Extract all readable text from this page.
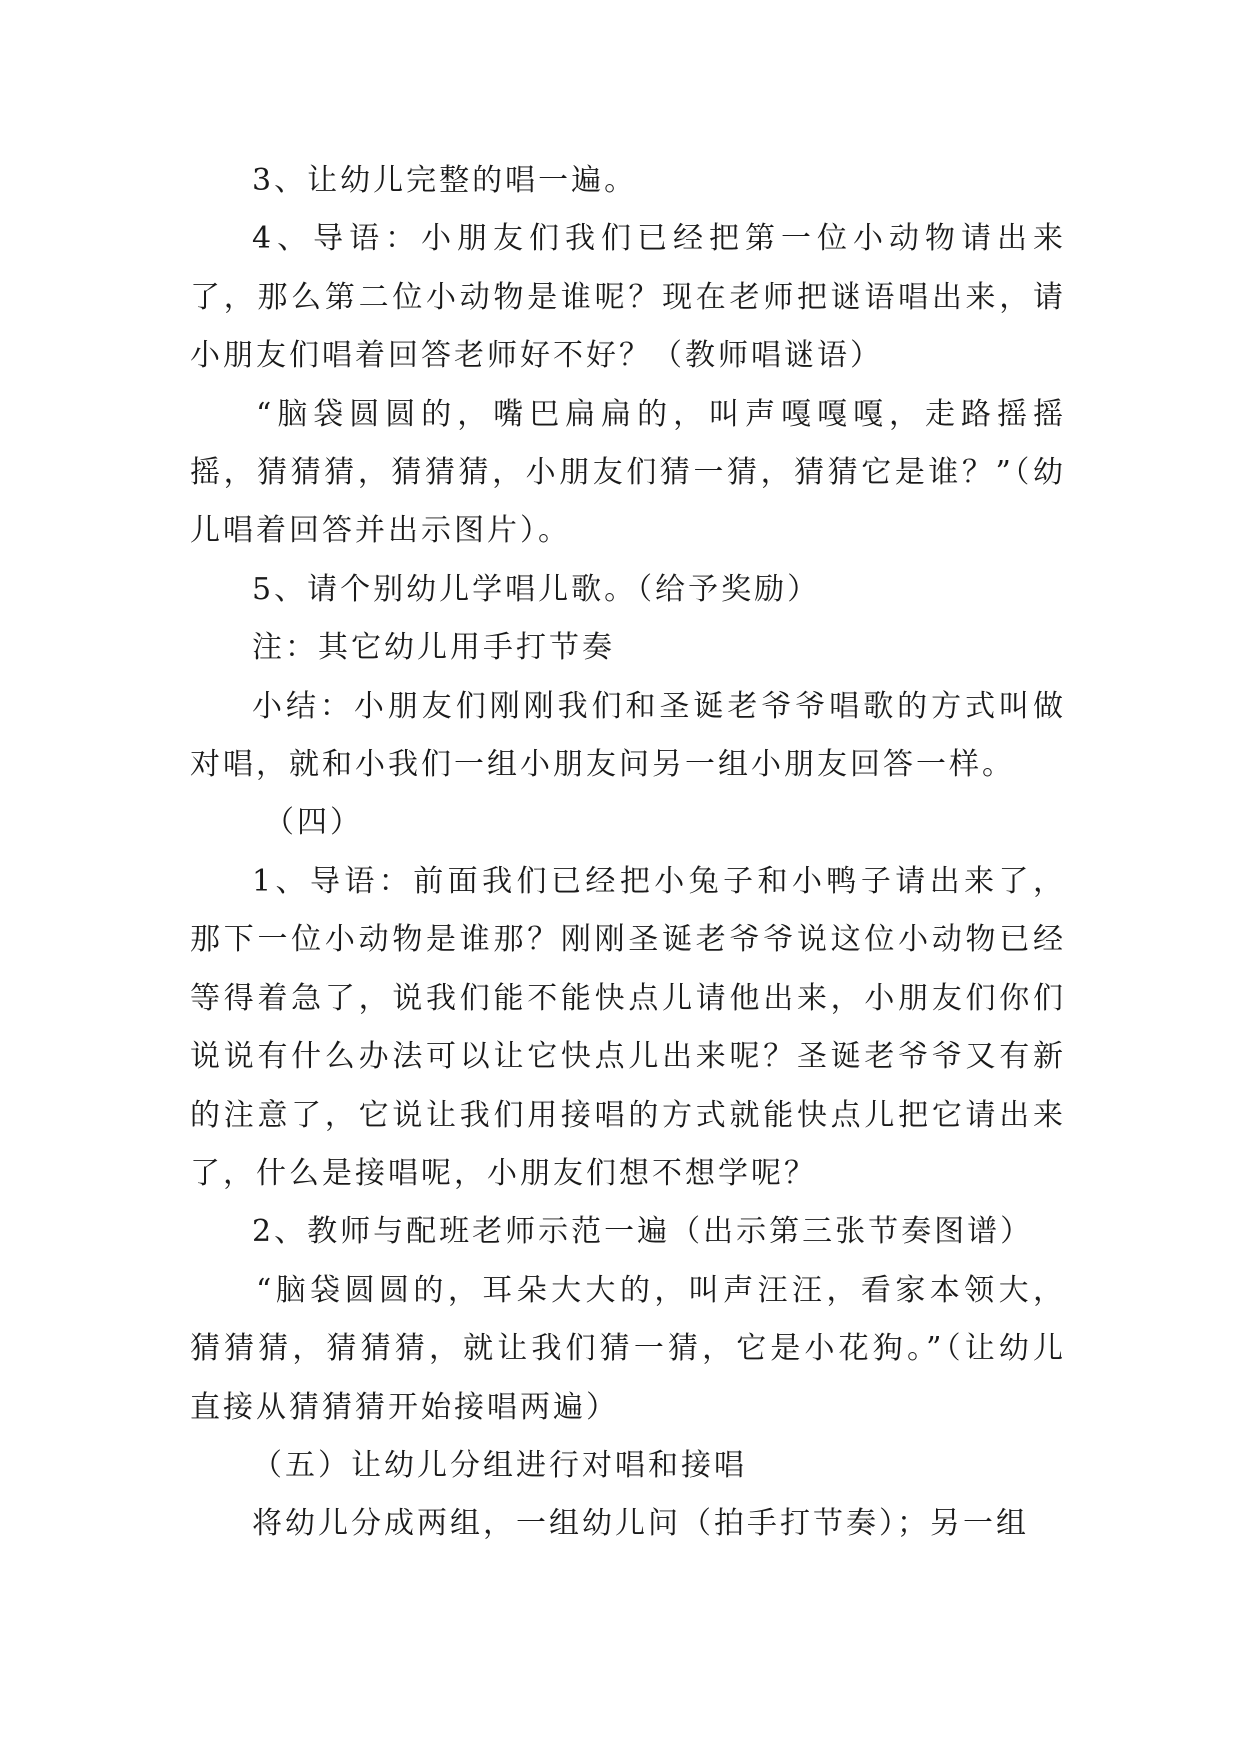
3、让幼儿完整的唱一遍。

4、导语：小朋友们我们已经把第一位小动物请出来了，那么第二位小动物是谁呢？现在老师把谜语唱出来，请小朋友们唱着回答老师好不好？（教师唱谜语）

“脑袋圆圆的，嘴巴扁扁的，叫声嘎嘎嘎，走路摇摇摇，猜猜猜，猜猜猜，小朋友们猜一猜，猜猜它是谁？”（幼儿唱着回答并出示图片）。

5、请个别幼儿学唱儿歌。（给予奖励）

注：其它幼儿用手打节奏

小结：小朋友们刚刚我们和圣诞老爷爷唱歌的方式叫做对唱，就和小我们一组小朋友问另一组小朋友回答一样。

（四）

1、导语：前面我们已经把小兔子和小鸭子请出来了，那下一位小动物是谁那？刚刚圣诞老爷爷说这位小动物已经等得着急了，说我们能不能快点儿请他出来，小朋友们你们说说有什么办法可以让它快点儿出来呢？圣诞老爷爷又有新的注意了，它说让我们用接唱的方式就能快点儿把它请出来了，什么是接唱呢，小朋友们想不想学呢？

2、教师与配班老师示范一遍（出示第三张节奏图谱）

“脑袋圆圆的，耳朵大大的，叫声汪汪，看家本领大，猜猜猜，猜猜猜，就让我们猜一猜，它是小花狗。”（让幼儿直接从猜猜猜开始接唱两遍）

（五）让幼儿分组进行对唱和接唱

将幼儿分成两组，一组幼儿问（拍手打节奏）；另一组
